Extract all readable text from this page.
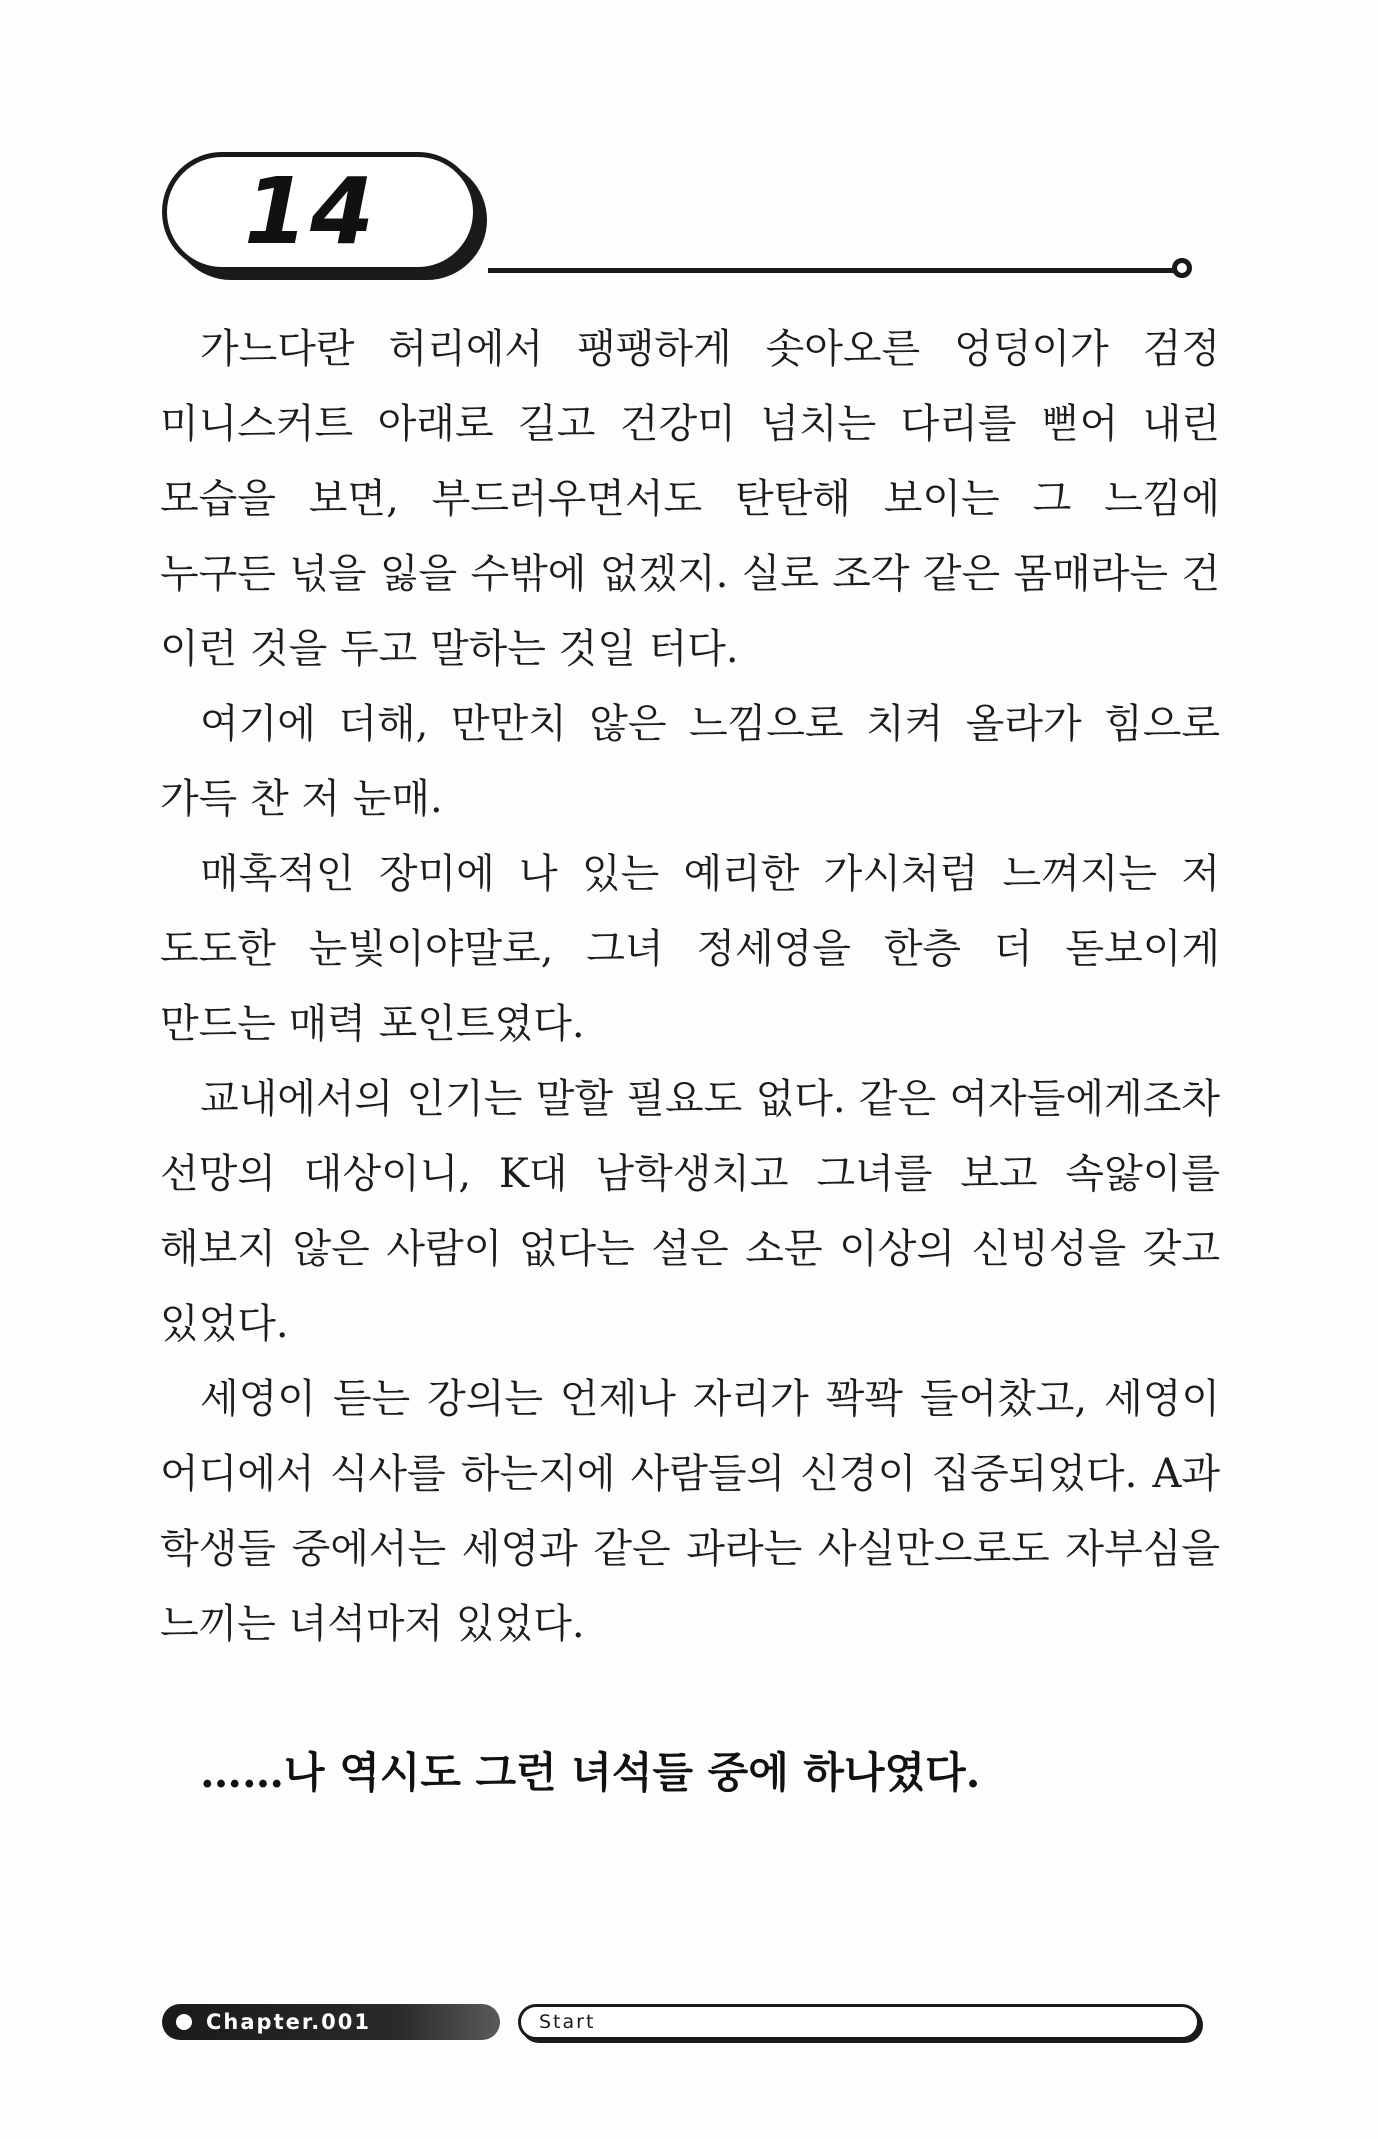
14

가느다란 허리에서 팽팽하게 솟아오른 엉덩이가 검정 미니스커트 아래로 길고 건강미 넘치는 다리를 뻗어 내린 모습을 보면, 부드러우면서도 탄탄해 보이는 그 느낌에 누구든 넋을 잃을 수밖에 없겠지. 실로 조각 같은 몸매라는 건 이런 것을 두고 말하는 것일 터다.

여기에 더해, 만만치 않은 느낌으로 치켜 올라가 힘으로 가득 찬 저 눈매.

매혹적인 장미에 나 있는 예리한 가시처럼 느껴지는 저 도도한 눈빛이야말로, 그녀 정세영을 한층 더 돋보이게 만드는 매력 포인트였다.

교내에서의 인기는 말할 필요도 없다. 같은 여자들에게조차 선망의 대상이니, K대 남학생치고 그녀를 보고 속앓이를 해보지 않은 사람이 없다는 설은 소문 이상의 신빙성을 갖고 있었다.

세영이 듣는 강의는 언제나 자리가 꽉꽉 들어찼고, 세영이 어디에서 식사를 하는지에 사람들의 신경이 집중되었다. A과 학생들 중에서는 세영과 같은 과라는 사실만으로도 자부심을 느끼는 녀석마저 있었다.

……나 역시도 그런 녀석들 중에 하나였다.
Chapter.001	Start
